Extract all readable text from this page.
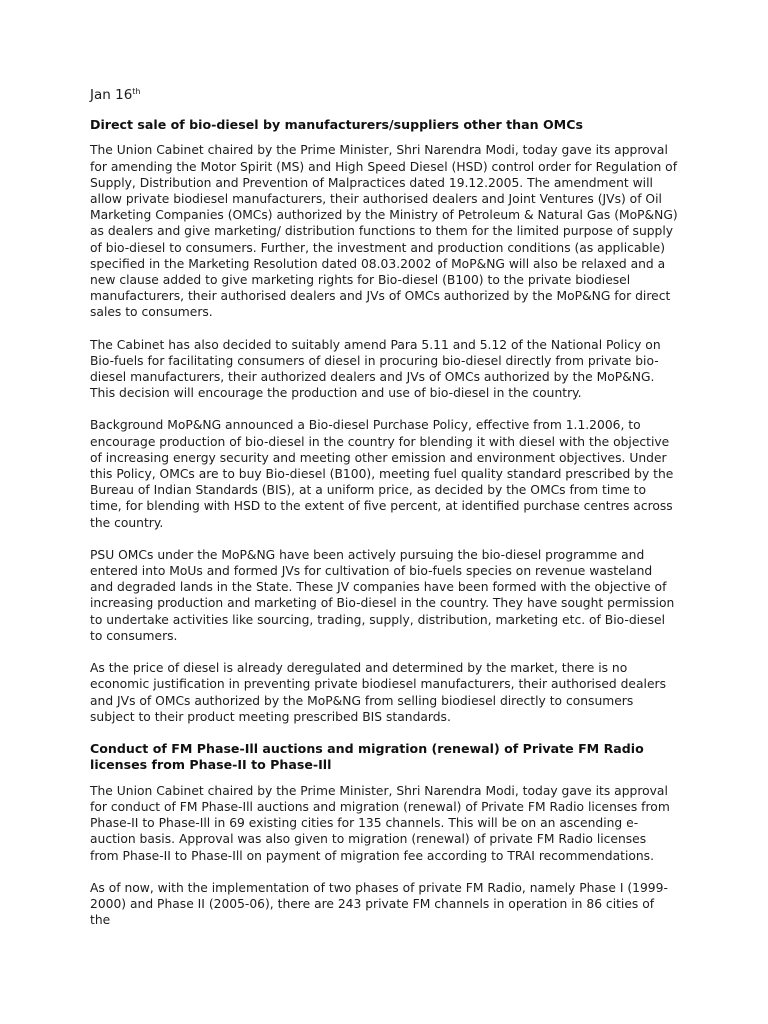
Jan 16th
Direct sale of bio-diesel by manufacturers/suppliers other than OMCs

The Union Cabinet chaired by the Prime Minister, Shri Narendra Modi, today gave its approval for amending the Motor Spirit (MS) and High Speed Diesel (HSD) control order for Regulation of Supply, Distribution and Prevention of Malpractices dated 19.12.2005. The amendment will allow private biodiesel manufacturers, their authorised dealers and Joint Ventures (JVs) of Oil Marketing Companies (OMCs) authorized by the Ministry of Petroleum & Natural Gas (MoP&NG) as dealers and give marketing/ distribution functions to them for the limited purpose of supply of bio-diesel to consumers. Further, the investment and production conditions (as applicable) specified in the Marketing Resolution dated 08.03.2002 of MoP&NG will also be relaxed and a new clause added to give marketing rights for Bio-diesel (B100) to the private biodiesel manufacturers, their authorised dealers and JVs of OMCs authorized by the MoP&NG for direct sales to consumers.

The Cabinet has also decided to suitably amend Para 5.11 and 5.12 of the National Policy on Bio-fuels for facilitating consumers of diesel in procuring bio-diesel directly from private bio-diesel manufacturers, their authorized dealers and JVs of OMCs authorized by the MoP&NG. This decision will encourage the production and use of bio-diesel in the country.

Background MoP&NG announced a Bio-diesel Purchase Policy, effective from 1.1.2006, to encourage production of bio-diesel in the country for blending it with diesel with the objective of increasing energy security and meeting other emission and environment objectives. Under this Policy, OMCs are to buy Bio-diesel (B100), meeting fuel quality standard prescribed by the Bureau of Indian Standards (BIS), at a uniform price, as decided by the OMCs from time to time, for blending with HSD to the extent of five percent, at identified purchase centres across the country.

PSU OMCs under the MoP&NG have been actively pursuing the bio-diesel programme and entered into MoUs and formed JVs for cultivation of bio-fuels species on revenue wasteland and degraded lands in the State. These JV companies have been formed with the objective of increasing production and marketing of Bio-diesel in the country. They have sought permission to undertake activities like sourcing, trading, supply, distribution, marketing etc. of Bio-diesel to consumers.

As the price of diesel is already deregulated and determined by the market, there is no economic justification in preventing private biodiesel manufacturers, their authorised dealers and JVs of OMCs authorized by the MoP&NG from selling biodiesel directly to consumers subject to their product meeting prescribed BIS standards.

Conduct of FM Phase-Ill auctions and migration (renewal) of Private FM Radio licenses from Phase-II to Phase-Ill

The Union Cabinet chaired by the Prime Minister, Shri Narendra Modi, today gave its approval for conduct of FM Phase-Ill auctions and migration (renewal) of Private FM Radio licenses from Phase-II to Phase-Ill in 69 existing cities for 135 channels. This will be on an ascending e-auction basis. Approval was also given to migration (renewal) of private FM Radio licenses from Phase-II to Phase-Ill on payment of migration fee according to TRAI recommendations.

As of now, with the implementation of two phases of private FM Radio, namely Phase I (1999-2000) and Phase II (2005-06), there are 243 private FM channels in operation in 86 cities of the
